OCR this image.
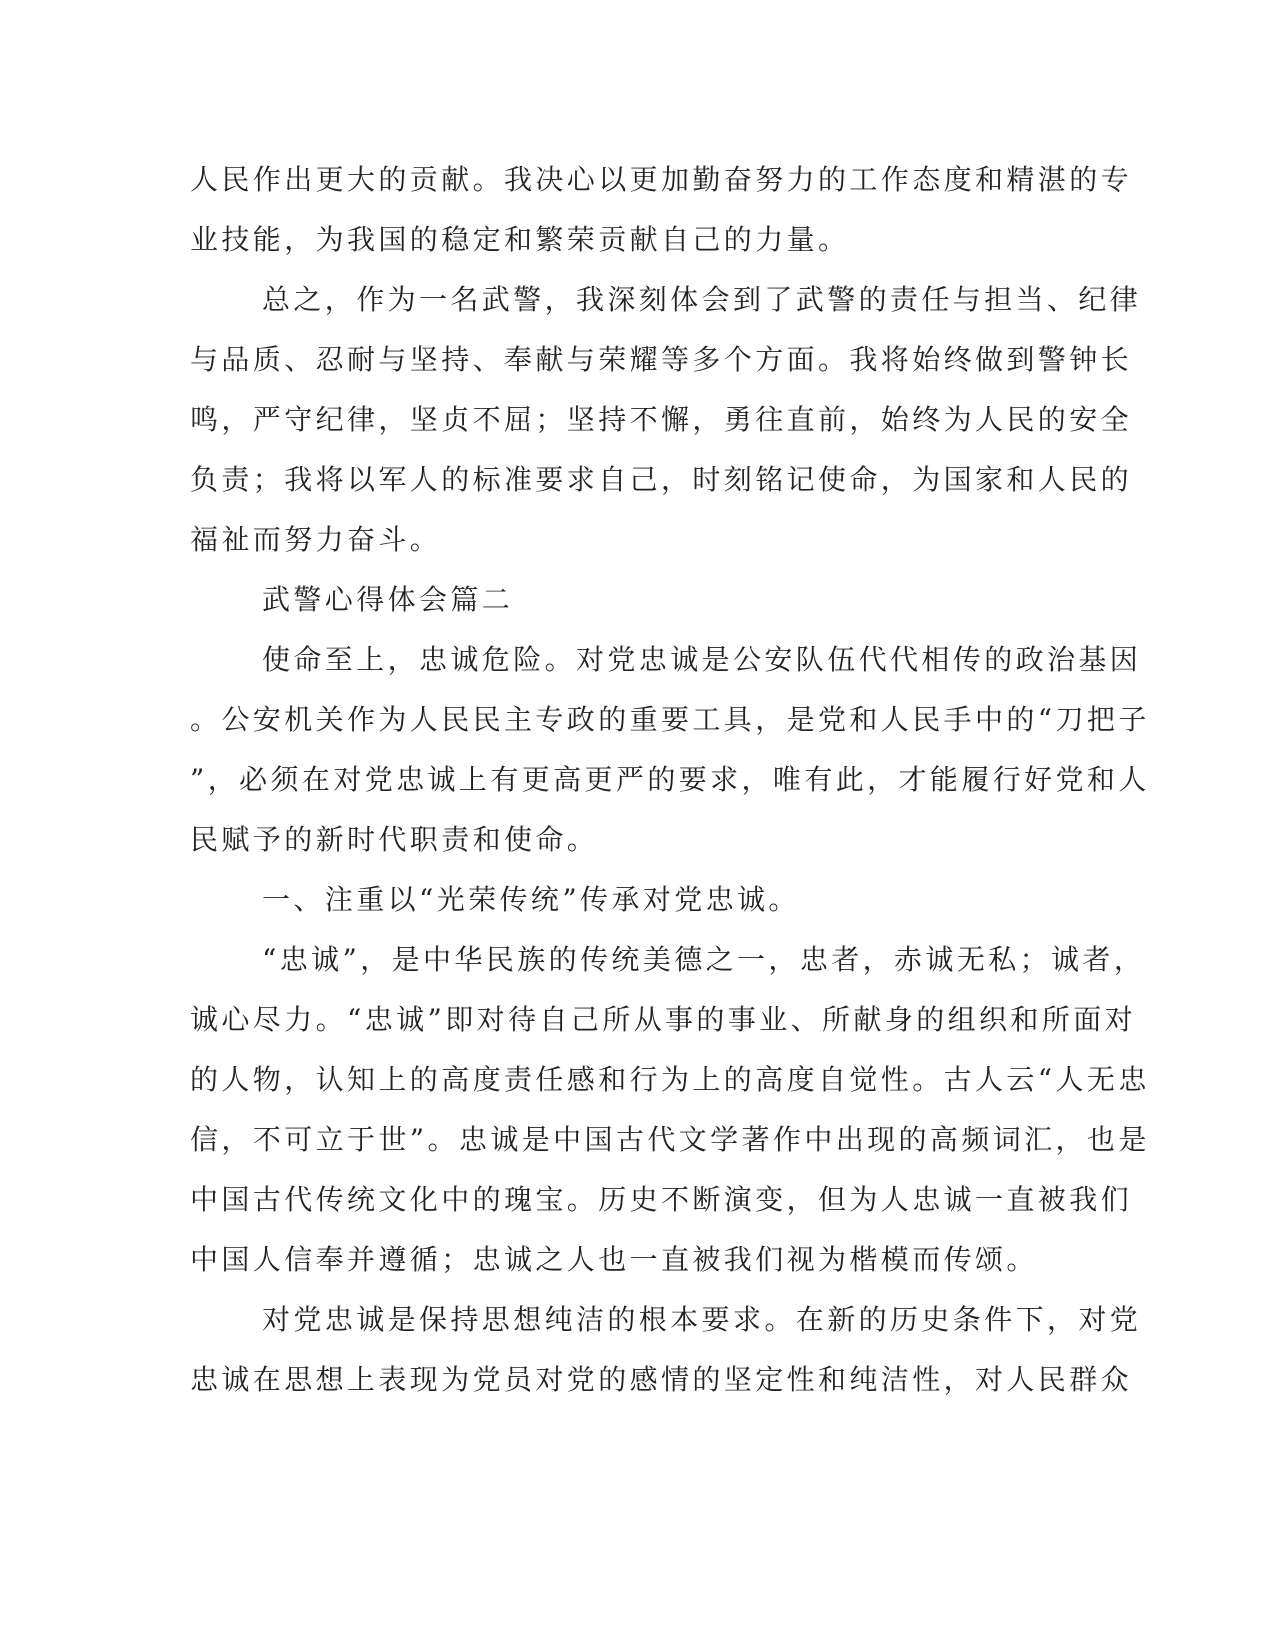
人民作出更大的贡献。我决心以更加勤奋努力的工作态度和精湛的专
业技能，为我国的稳定和繁荣贡献自己的力量。
总之，作为一名武警，我深刻体会到了武警的责任与担当、纪律
与品质、忍耐与坚持、奉献与荣耀等多个方面。我将始终做到警钟长
鸣，严守纪律，坚贞不屈；坚持不懈，勇往直前，始终为人民的安全
负责；我将以军人的标准要求自己，时刻铭记使命，为国家和人民的
福祉而努力奋斗。
武警心得体会篇二
使命至上，忠诚危险。对党忠诚是公安队伍代代相传的政治基因
。公安机关作为人民民主专政的重要工具，是党和人民手中的“刀把子
”，必须在对党忠诚上有更高更严的要求，唯有此，才能履行好党和人
民赋予的新时代职责和使命。
一、注重以“光荣传统”传承对党忠诚。
“忠诚”，是中华民族的传统美德之一，忠者，赤诚无私；诚者，
诚心尽力。“忠诚”即对待自己所从事的事业、所献身的组织和所面对
的人物，认知上的高度责任感和行为上的高度自觉性。古人云“人无忠
信，不可立于世”。忠诚是中国古代文学著作中出现的高频词汇，也是
中国古代传统文化中的瑰宝。历史不断演变，但为人忠诚一直被我们
中国人信奉并遵循；忠诚之人也一直被我们视为楷模而传颂。
对党忠诚是保持思想纯洁的根本要求。在新的历史条件下，对党
忠诚在思想上表现为党员对党的感情的坚定性和纯洁性，对人民群众
